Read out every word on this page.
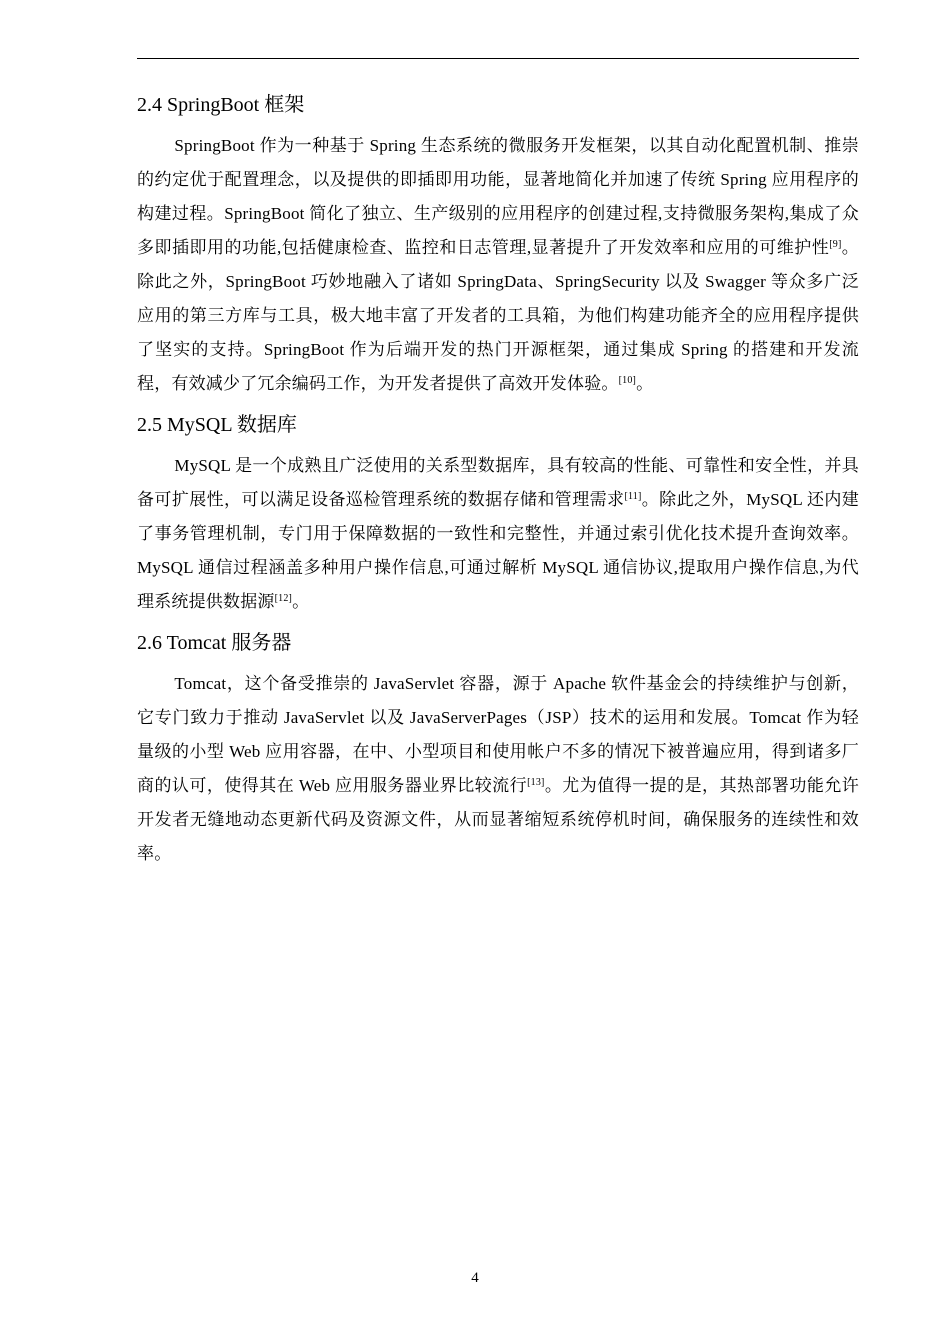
2.4 SpringBoot 框架

SpringBoot 作为一种基于 Spring 生态系统的微服务开发框架，以其自动化配置机制、推崇的约定优于配置理念，以及提供的即插即用功能，显著地简化并加速了传统 Spring 应用程序的构建过程。SpringBoot 简化了独立、生产级别的应用程序的创建过程,支持微服务架构,集成了众多即插即用的功能,包括健康检查、监控和日志管理,显著提升了开发效率和应用的可维护性[9]。除此之外，SpringBoot 巧妙地融入了诸如 SpringData、SpringSecurity 以及 Swagger 等众多广泛应用的第三方库与工具，极大地丰富了开发者的工具箱，为他们构建功能齐全的应用程序提供了坚实的支持。SpringBoot 作为后端开发的热门开源框架，通过集成 Spring 的搭建和开发流程，有效减少了冗余编码工作，为开发者提供了高效开发体验。[10]。

2.5 MySQL 数据库

MySQL 是一个成熟且广泛使用的关系型数据库，具有较高的性能、可靠性和安全性，并具备可扩展性，可以满足设备巡检管理系统的数据存储和管理需求[11]。除此之外，MySQL 还内建了事务管理机制，专门用于保障数据的一致性和完整性，并通过索引优化技术提升查询效率。 MySQL 通信过程涵盖多种用户操作信息,可通过解析 MySQL 通信协议,提取用户操作信息,为代理系统提供数据源[12]。

2.6 Tomcat 服务器

Tomcat，这个备受推崇的 JavaServlet 容器，源于 Apache 软件基金会的持续维护与创新，它专门致力于推动 JavaServlet 以及 JavaServerPages（JSP）技术的运用和发展。Tomcat 作为轻量级的小型 Web 应用容器，在中、小型项目和使用帐户不多的情况下被普遍应用，得到诸多厂商的认可，使得其在 Web 应用服务器业界比较流行[13]。尤为值得一提的是，其热部署功能允许开发者无缝地动态更新代码及资源文件，从而显著缩短系统停机时间，确保服务的连续性和效率。

4
